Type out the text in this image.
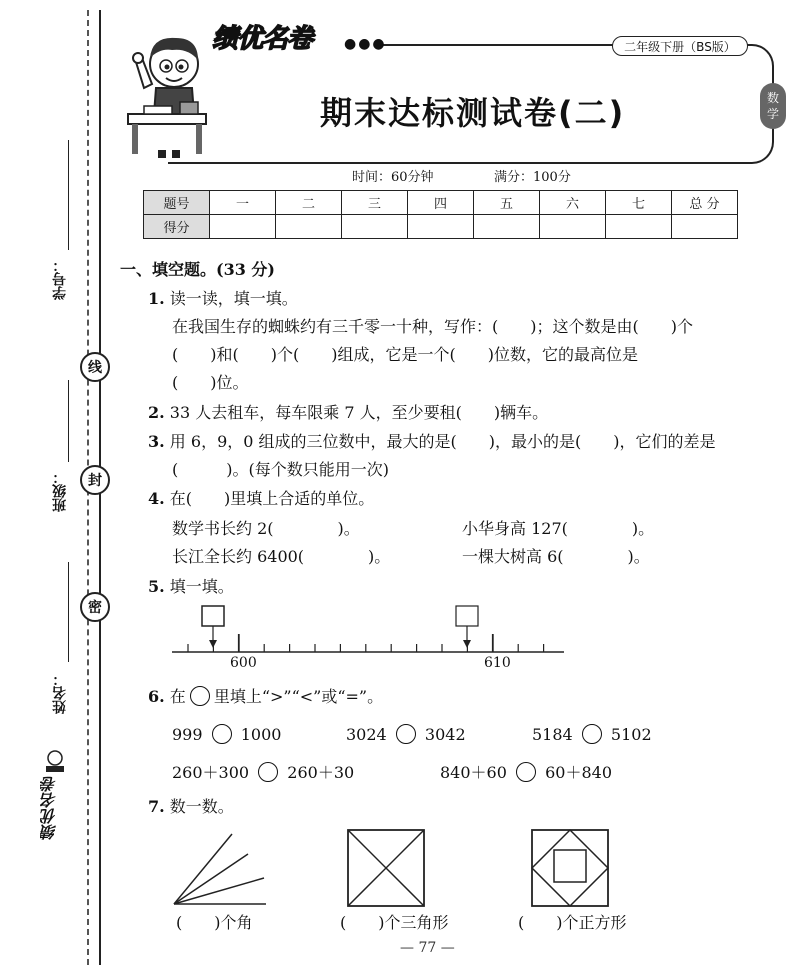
学号：
线
班级：	封
密
姓名：
绩优名卷
绩优名卷 ●●●	二年级下册（BS版）
数
学
期末达标测试卷(二)
时间：60分钟	满分：100分
题号	一	二	三	四	五	六	七	总 分
得分								
一、填空题。(33 分)
1. 读一读，填一填。
在我国生存的蜘蛛约有三千零一十种，写作：(　　)；这个数是由(　　)个
(　　)和(　　)个(　　)组成，它是一个(　　)位数，它的最高位是
(　　)位。
2. 33 人去租车，每车限乘 7 人，至少要租(　　)辆车。
3. 用 6，9，0 组成的三位数中，最大的是(　　)，最小的是(　　)，它们的差是
(　　　)。(每个数只能用一次)
4. 在(　　)里填上合适的单位。
数学书长约 2(　　　　)。	小华身高 127(　　　　)。
长江全长约 6400(　　　　)。	一棵大树高 6(　　　　)。
5. 填一填。
600	610
6. 在 里填上“>”“<”或“=”。
999 1000	3024 3042	5184 5102
260＋300 260＋30	840＋60 60＋840
7. 数一数。
(　　)个角	(　　)个三角形	(　　)个正方形
— 77 —
